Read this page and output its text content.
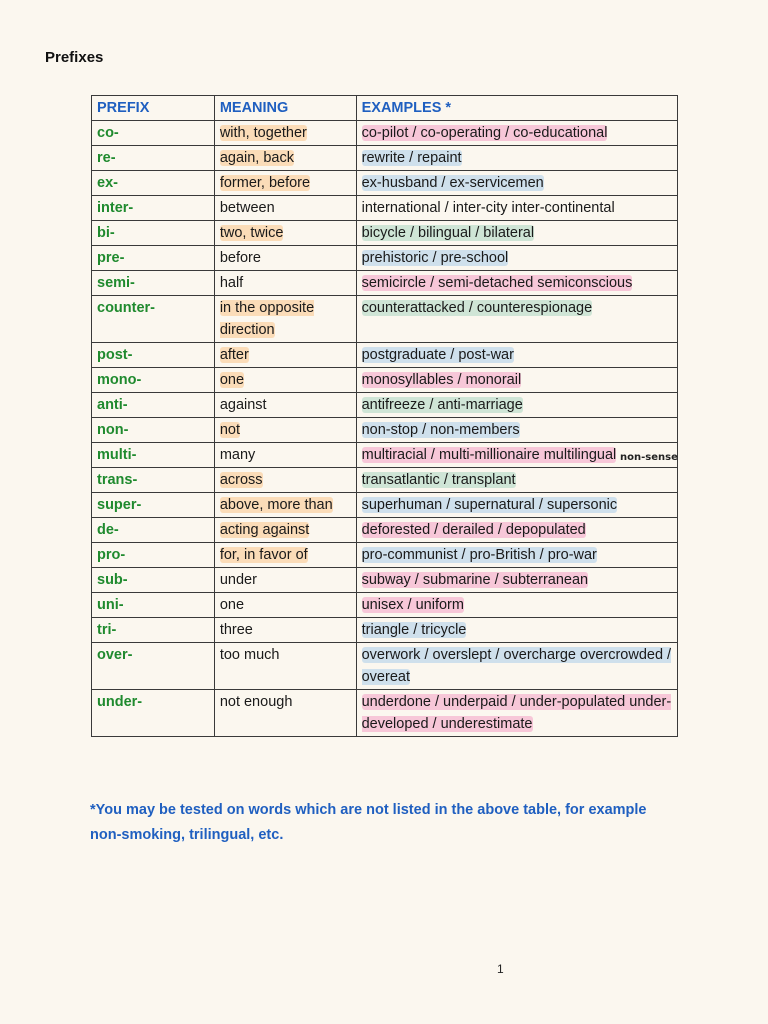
Prefixes
PREFIX	MEANING	EXAMPLES *
co-	with, together	co-pilot / co-operating / co-educational
re-	again, back	rewrite / repaint
ex-	former, before	ex-husband / ex-servicemen
inter-	between	international / inter-city inter-continental
bi-	two, twice	bicycle / bilingual / bilateral
pre-	before	prehistoric / pre-school
semi-	half	semicircle / semi-detached semiconscious
counter-	in the opposite direction	counterattacked / counterespionage
post-	after	postgraduate / post-war
mono-	one	monosyllables / monorail
anti-	against	antifreeze / anti-marriage
non-	not	non-stop / non-members
multi-	many	multiracial / multi-millionaire multilingual
trans-	across	transatlantic / transplant
super-	above, more than	superhuman / supernatural / supersonic
de-	acting against	deforested / derailed / depopulated
pro-	for, in favor of	pro-communist / pro-British / pro-war
sub-	under	subway / submarine / subterranean
uni-	one	unisex / uniform
tri-	three	triangle / tricycle
over-	too much	overwork / overslept / overcharge overcrowded / overeat
under-	not enough	underdone / underpaid / under-populated under-developed / underestimate
*You may be tested on words which are not listed in the above table, for example non-smoking, trilingual, etc.
1
non-sense
